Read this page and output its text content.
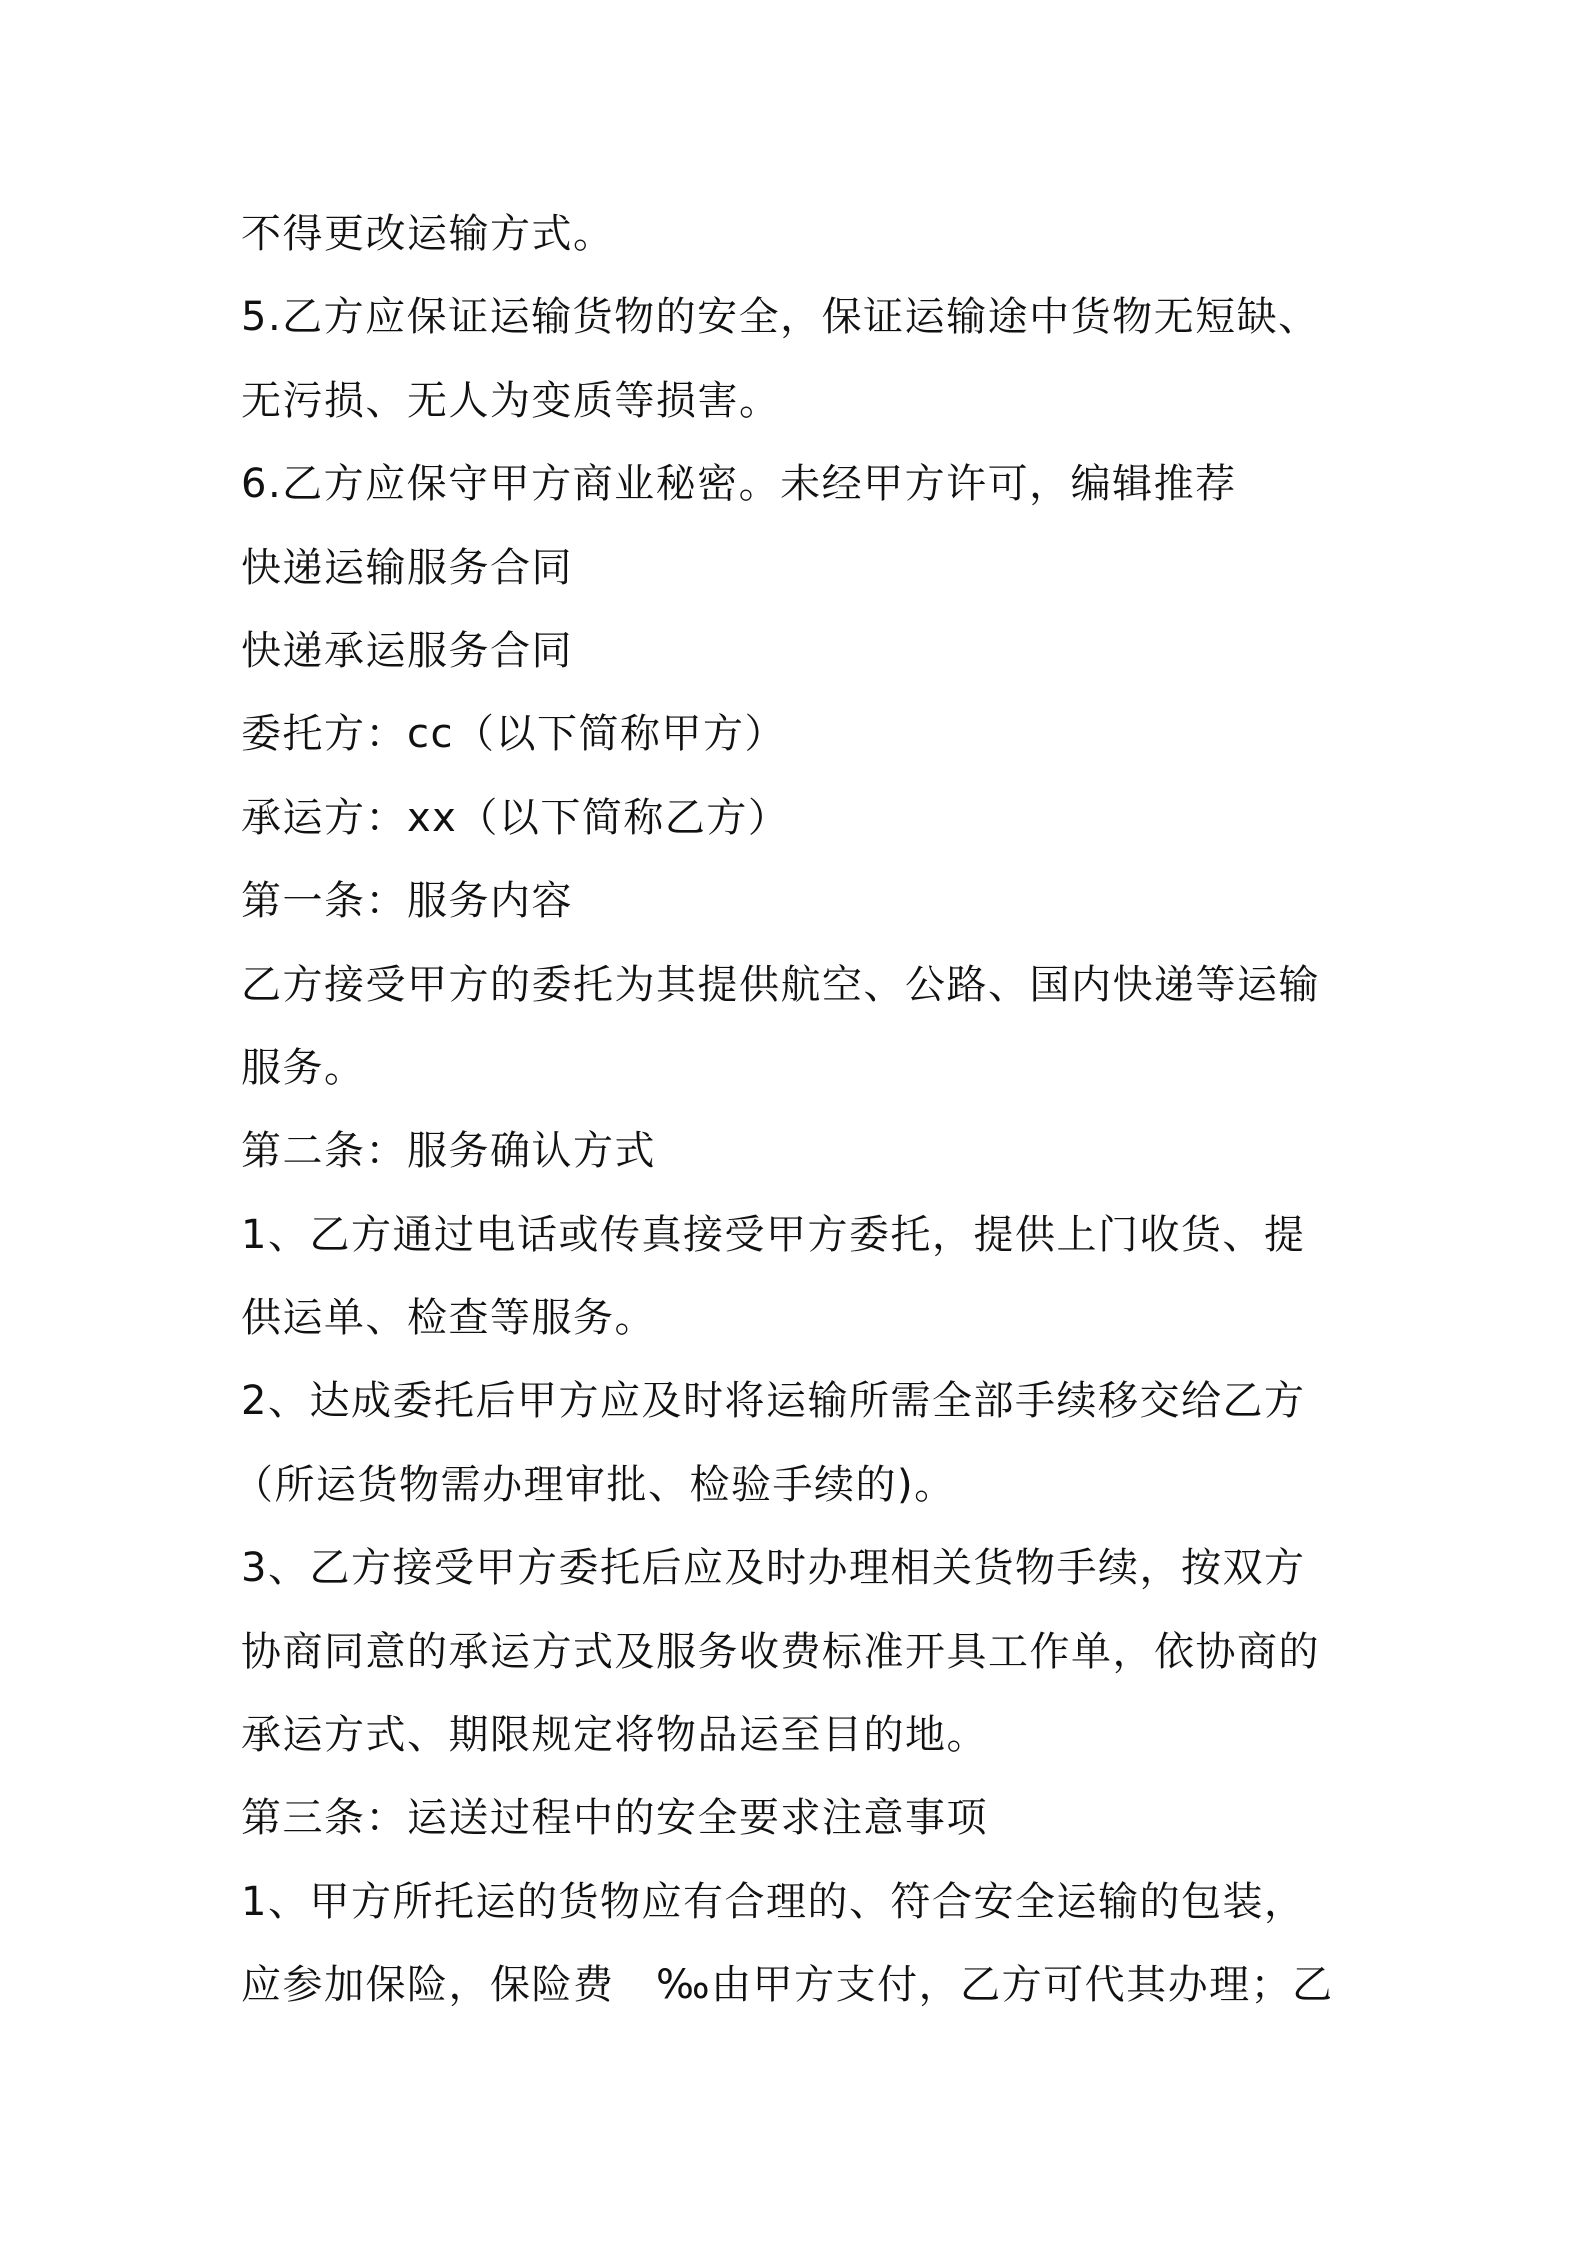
不得更改运输方式。
5.乙方应保证运输货物的安全，保证运输途中货物无短缺、
无污损、无人为变质等损害。
6.乙方应保守甲方商业秘密。未经甲方许可，编辑推荐
快递运输服务合同
快递承运服务合同
委托方：cc（以下简称甲方）
承运方：xx（以下简称乙方）
第一条：服务内容
乙方接受甲方的委托为其提供航空、公路、国内快递等运输
服务。
第二条：服务确认方式
1、乙方通过电话或传真接受甲方委托，提供上门收货、提
供运单、检查等服务。
2、达成委托后甲方应及时将运输所需全部手续移交给乙方
（所运货物需办理审批、检验手续的)。
3、乙方接受甲方委托后应及时办理相关货物手续，按双方
协商同意的承运方式及服务收费标准开具工作单，依协商的
承运方式、期限规定将物品运至目的地。
第三条：运送过程中的安全要求注意事项
1、甲方所托运的货物应有合理的、符合安全运输的包装，
应参加保险，保险费　‰由甲方支付，乙方可代其办理；乙
